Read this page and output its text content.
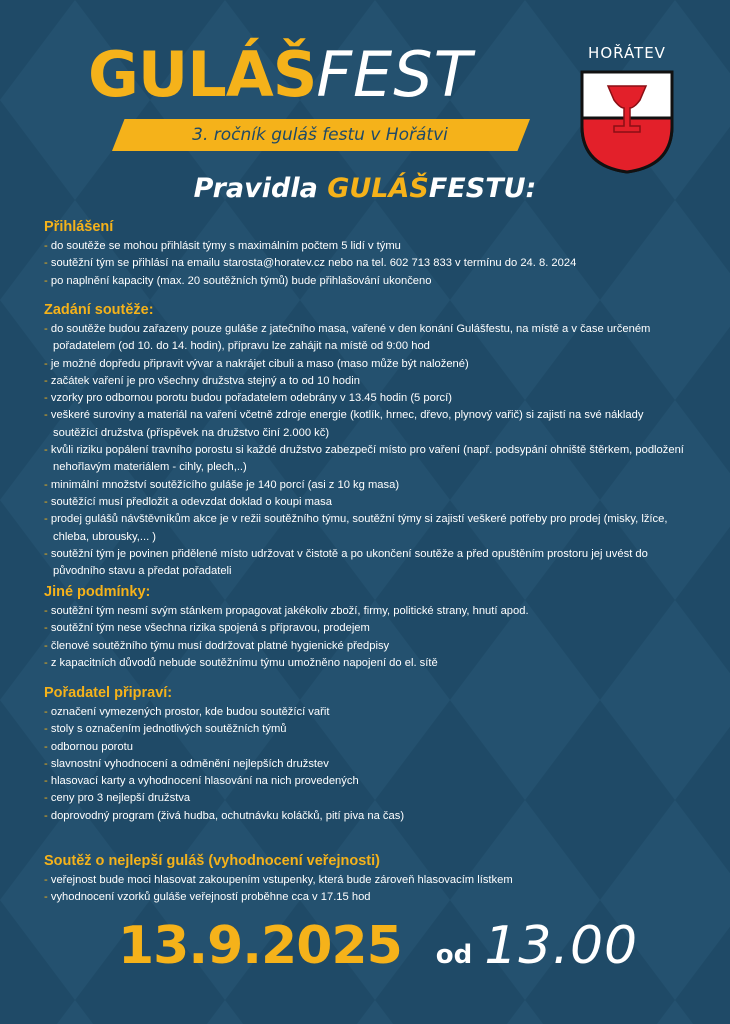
GULÁŠFEST
3. ročník guláš festu v Hořátvi
HOŘÁTEV
Pravidla GULÁŠFESTU:
Přihlášení
- do soutěže se mohou přihlásit týmy s maximálním počtem 5 lidí v týmu
- soutěžní tým se přihlásí na emailu starosta@horatev.cz nebo na tel. 602 713 833 v termínu do 24. 8. 2024
- po naplnění kapacity (max. 20 soutěžních týmů) bude přihlašování ukončeno
Zadání soutěže:
- do soutěže budou zařazeny pouze guláše z jatečního masa, vařené v den konání Gulášfestu, na místě a v čase určeném pořadatelem (od 10. do 14. hodin), přípravu lze zahájit na místě od 9:00 hod
- je možné dopředu připravit vývar a nakrájet cibuli a maso (maso může být naložené)
- začátek vaření je pro všechny družstva stejný a to od 10 hodin
- vzorky pro odbornou porotu budou pořadatelem odebrány v 13.45 hodin (5 porcí)
- veškeré suroviny a materiál na vaření včetně zdroje energie (kotlík, hrnec, dřevo, plynový vařič) si zajistí na své náklady soutěžící družstva (příspěvek na družstvo činí 2.000 kč)
- kvůli riziku popálení travního porostu si každé družstvo zabezpečí místo pro vaření (např. podsypání ohniště štěrkem, podložení nehořlavým materiálem - cihly, plech,..)
- minimální množství soutěžícího guláše je 140 porcí (asi z 10 kg masa)
- soutěžící musí předložit a odevzdat doklad o koupi masa
- prodej gulášů návštěvníkům akce je v režii soutěžního týmu, soutěžní týmy si zajistí veškeré potřeby pro prodej (misky, lžíce, chleba, ubrousky,... )
- soutěžní tým je povinen přidělené místo udržovat v čistotě a po ukončení soutěže a před opuštěním prostoru jej uvést do původního stavu a předat pořadateli
Jiné podmínky:
- soutěžní tým nesmí svým stánkem propagovat jakékoliv zboží, firmy, politické strany, hnutí apod.
- soutěžní tým nese všechna rizika spojená s přípravou, prodejem
- členové soutěžního týmu musí dodržovat platné hygienické předpisy
- z kapacitních důvodů nebude soutěžnímu týmu umožněno napojení do el. sítě
Pořadatel připraví:
- označení vymezených prostor, kde budou soutěžící vařit
- stoly s označením jednotlivých soutěžních týmů
- odbornou porotu
- slavnostní vyhodnocení a odměnění nejlepších družstev
- hlasovací karty a vyhodnocení hlasování na nich provedených
- ceny pro 3 nejlepší družstva
- doprovodný program (živá hudba, ochutnávku koláčků, pití piva na čas)
Soutěž o nejlepší guláš (vyhodnocení veřejnosti)
- veřejnost bude moci hlasovat zakoupením vstupenky, která bude zároveň hlasovacím lístkem
- vyhodnocení vzorků guláše veřejností proběhne cca v 17.15 hod
13.9.2025 od 13.00
